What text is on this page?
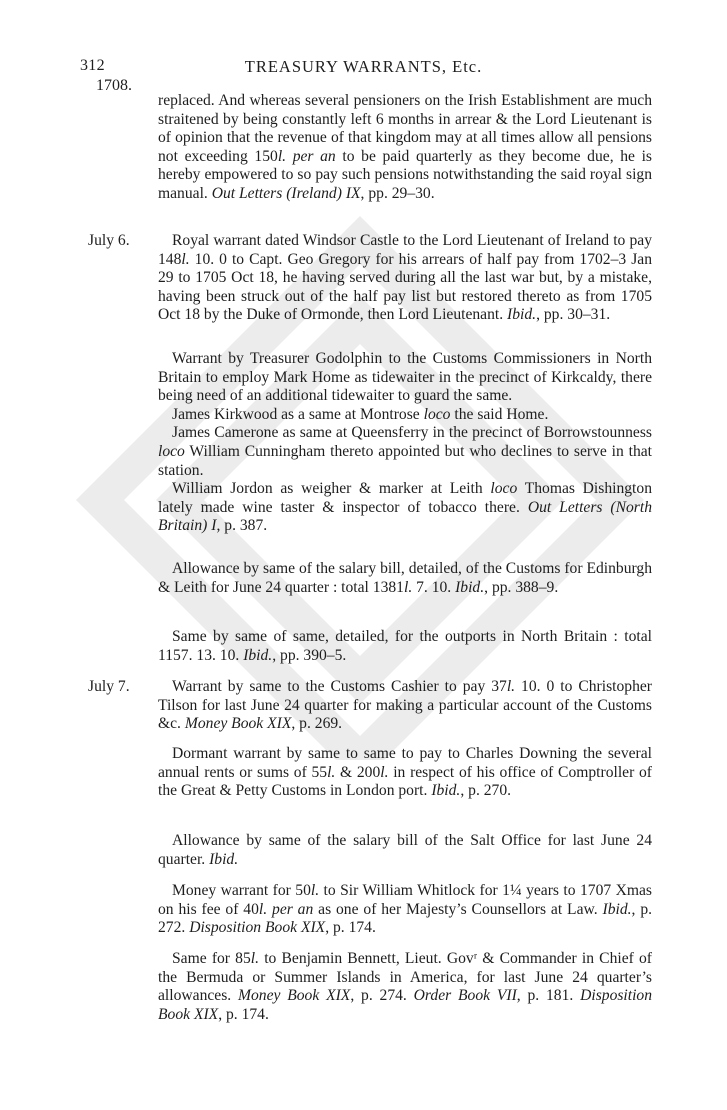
312	TREASURY WARRANTS, Etc.
1708.
replaced. And whereas several pensioners on the Irish Establishment are much straitened by being constantly left 6 months in arrear & the Lord Lieutenant is of opinion that the revenue of that kingdom may at all times allow all pensions not exceeding 150l. per an to be paid quarterly as they become due, he is hereby empowered to so pay such pensions notwithstanding the said royal sign manual. Out Letters (Ireland) IX, pp. 29–30.
July 6.	Royal warrant dated Windsor Castle to the Lord Lieutenant of Ireland to pay 148l. 10. 0 to Capt. Geo Gregory for his arrears of half pay from 1702–3 Jan 29 to 1705 Oct 18, he having served during all the last war but, by a mistake, having been struck out of the half pay list but restored thereto as from 1705 Oct 18 by the Duke of Ormonde, then Lord Lieutenant. Ibid., pp. 30–31.
Warrant by Treasurer Godolphin to the Customs Commissioners in North Britain to employ Mark Home as tidewaiter in the precinct of Kirkcaldy, there being need of an additional tidewaiter to guard the same.
James Kirkwood as a same at Montrose loco the said Home.
James Camerone as same at Queensferry in the precinct of Borrowstounness loco William Cunningham thereto appointed but who declines to serve in that station.
William Jordon as weigher & marker at Leith loco Thomas Dishington lately made wine taster & inspector of tobacco there. Out Letters (North Britain) I, p. 387.
Allowance by same of the salary bill, detailed, of the Customs for Edinburgh & Leith for June 24 quarter : total 1381l. 7. 10. Ibid., pp. 388–9.
Same by same of same, detailed, for the outports in North Britain : total 1157. 13. 10. Ibid., pp. 390–5.
July 7.	Warrant by same to the Customs Cashier to pay 37l. 10. 0 to Christopher Tilson for last June 24 quarter for making a particular account of the Customs &c. Money Book XIX, p. 269.
Dormant warrant by same to same to pay to Charles Downing the several annual rents or sums of 55l. & 200l. in respect of his office of Comptroller of the Great & Petty Customs in London port. Ibid., p. 270.
Allowance by same of the salary bill of the Salt Office for last June 24 quarter. Ibid.
Money warrant for 50l. to Sir William Whitlock for 1¼ years to 1707 Xmas on his fee of 40l. per an as one of her Majesty’s Counsellors at Law. Ibid., p. 272. Disposition Book XIX, p. 174.
Same for 85l. to Benjamin Bennett, Lieut. Govʳ & Commander in Chief of the Bermuda or Summer Islands in America, for last June 24 quarter’s allowances. Money Book XIX, p. 274. Order Book VII, p. 181. Disposition Book XIX, p. 174.
